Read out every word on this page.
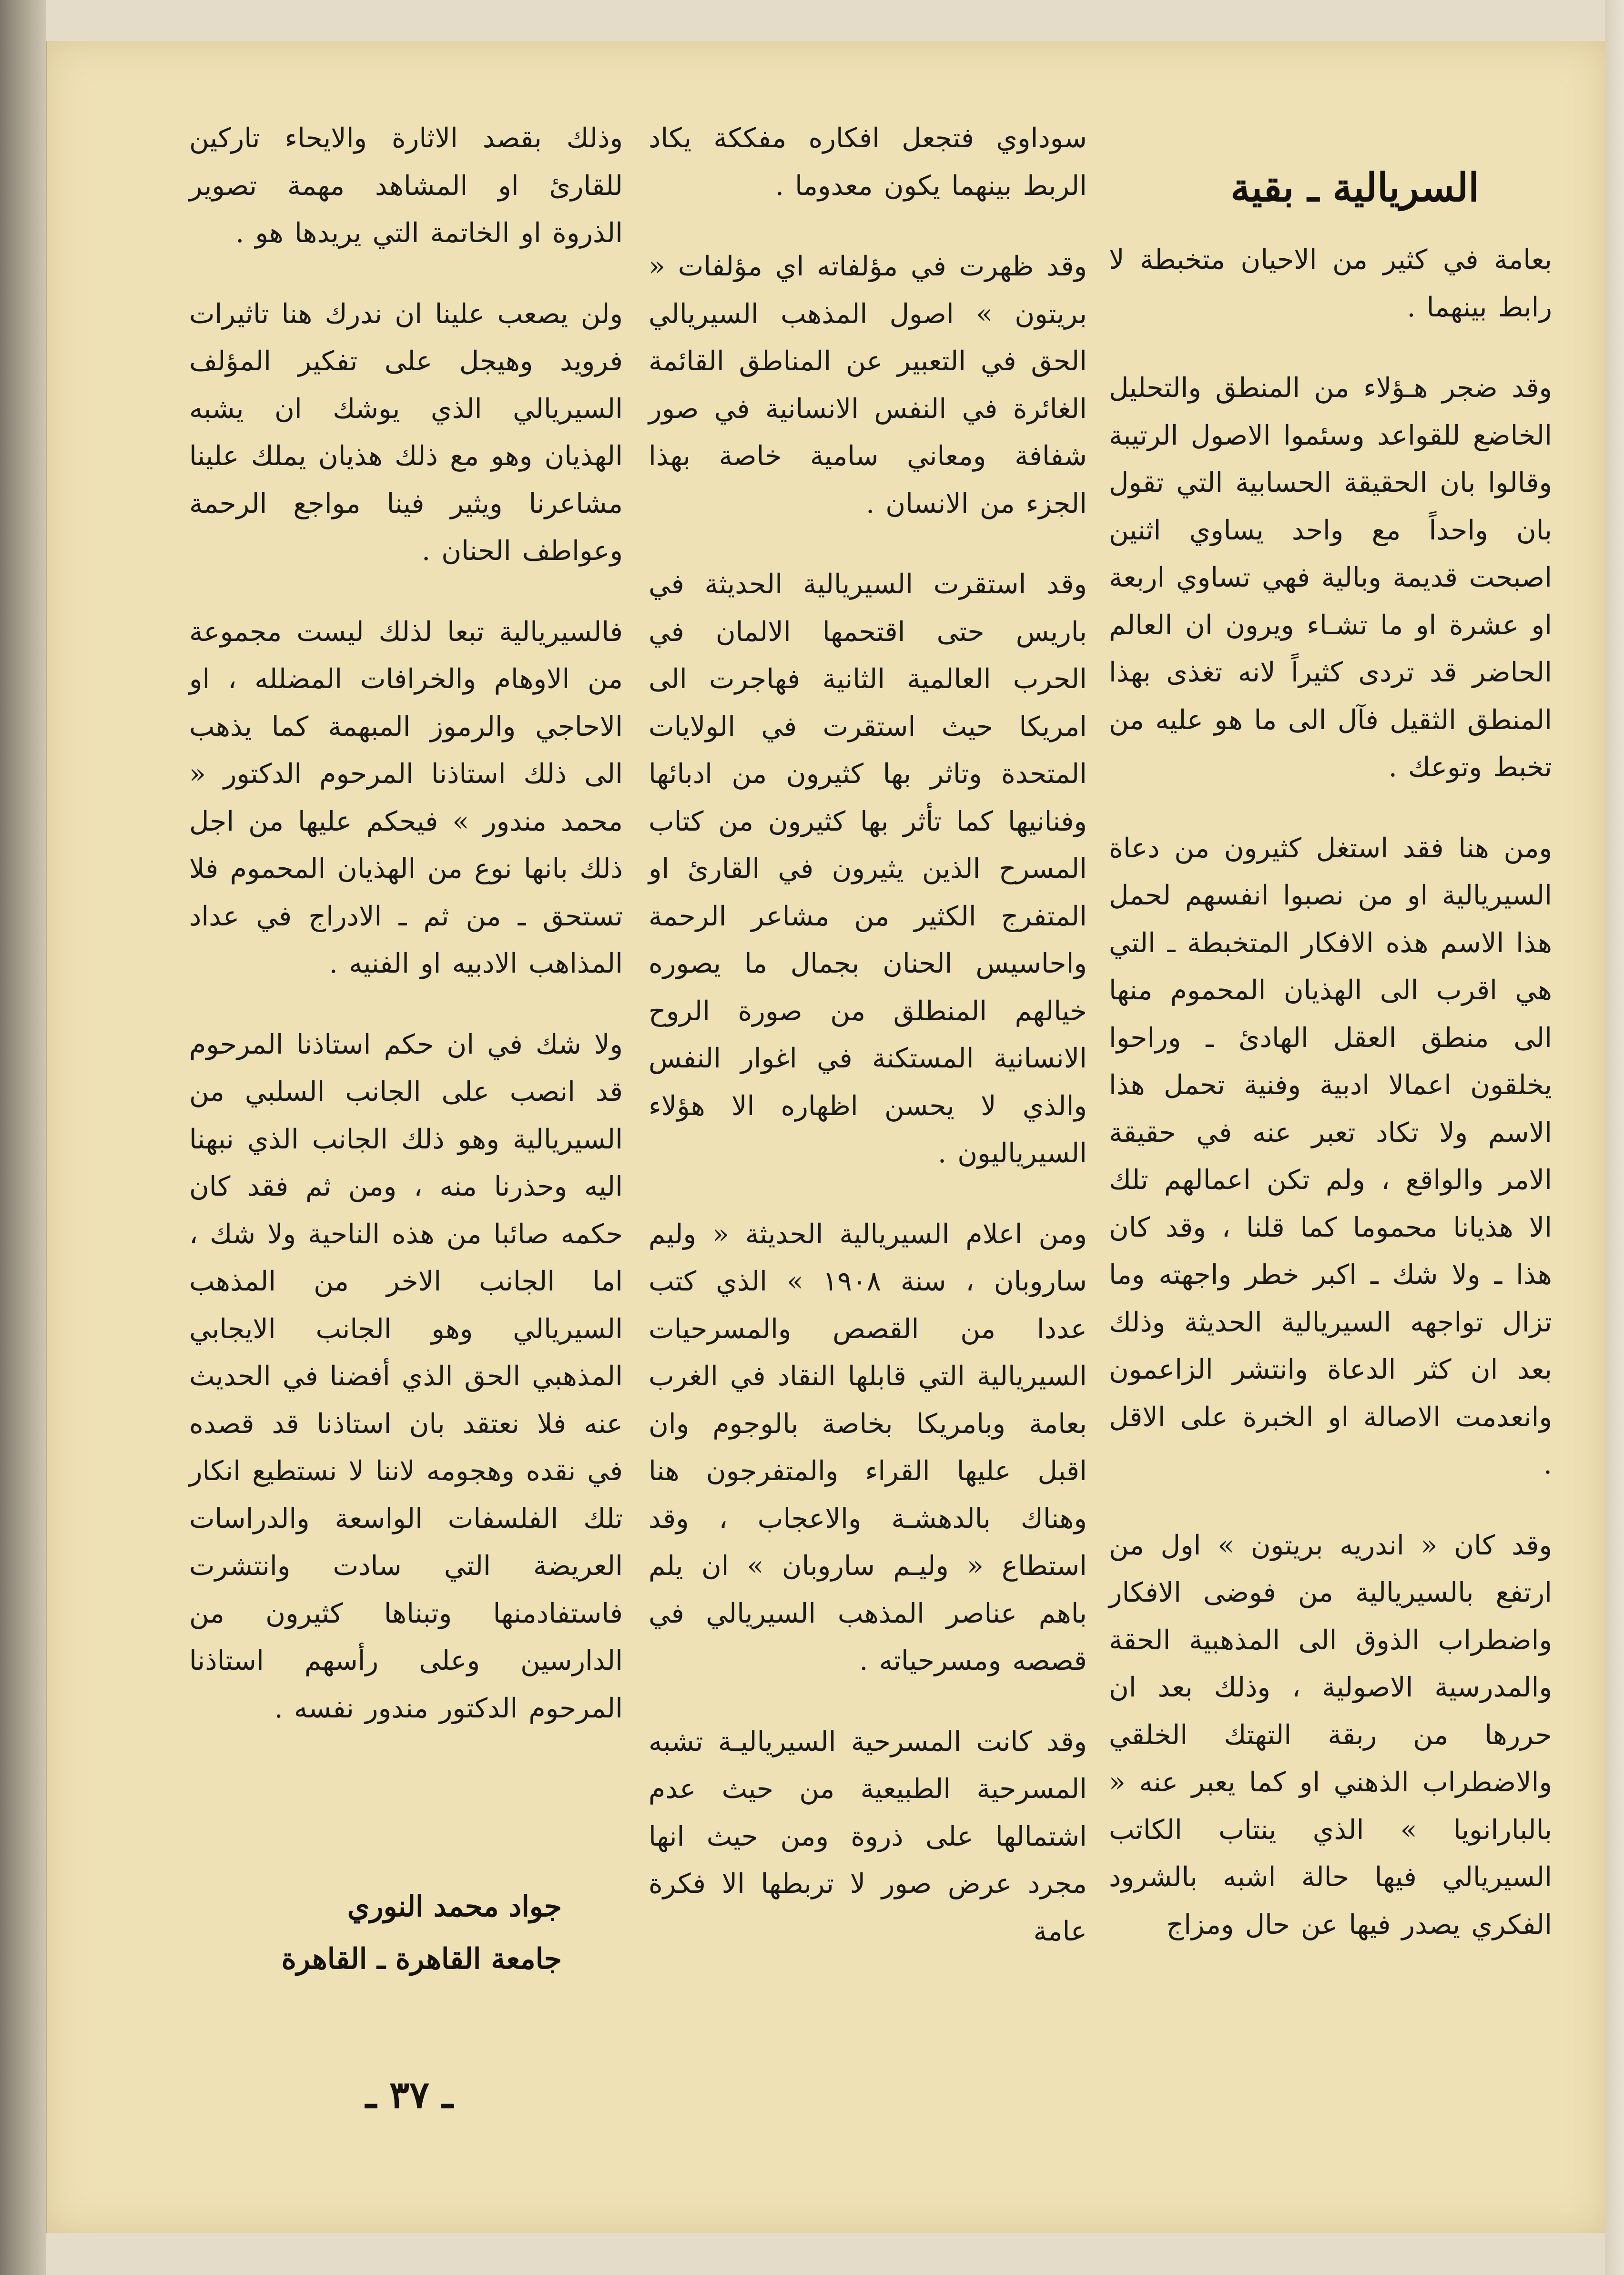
السريالية ـ بقية

بعامة في كثير من الاحيان متخبطة لا رابط بينهما .

وقد ضجر هـؤلاء من المنطق والتحليل الخاضع للقواعد وسئموا الاصول الرتيبة وقالوا بان الحقيقة الحسابية التي تقول بان واحداً مع واحد يساوي اثنين اصبحت قديمة وبالية فهي تساوي اربعة او عشرة او ما تشـاء ويرون ان العالم الحاضر قد تردى كثيراً لانه تغذى بهذا المنطق الثقيل فآل الى ما هو عليه من تخبط وتوعك .

ومن هنا فقد استغل كثيرون من دعاة السيريالية او من نصبوا انفسهم لحمل هذا الاسم هذه الافكار المتخبطة ـ التي هي اقرب الى الهذيان المحموم منها الى منطق العقل الهادئ ـ وراحوا يخلقون اعمالا ادبية وفنية تحمل هذا الاسم ولا تكاد تعبر عنه في حقيقة الامر والواقع ، ولم تكن اعمالهم تلك الا هذيانا محموما كما قلنا ، وقد كان هذا ـ ولا شك ـ اكبر خطر واجهته وما تزال تواجهه السيريالية الحديثة وذلك بعد ان كثر الدعاة وانتشر الزاعمون وانعدمت الاصالة او الخبرة على الاقل .

وقد كان « اندريه بريتون » اول من ارتفع بالسيريالية من فوضى الافكار واضطراب الذوق الى المذهبية الحقة والمدرسية الاصولية ، وذلك بعد ان حررها من ربقة التهتك الخلقي والاضطراب الذهني او كما يعبر عنه « بالبارانويا » الذي ينتاب الكاتب السيريالي فيها حالة اشبه بالشرود الفكري يصدر فيها عن حال ومزاج

سوداوي فتجعل افكاره مفككة يكاد الربط بينهما يكون معدوما .

وقد ظهرت في مؤلفاته اي مؤلفات « بريتون » اصول المذهب السيريالي الحق في التعبير عن المناطق القائمة الغائرة في النفس الانسانية في صور شفافة ومعاني سامية خاصة بهذا الجزء من الانسان .

وقد استقرت السيريالية الحديثة في باريس حتى اقتحمها الالمان في الحرب العالمية الثانية فهاجرت الى امريكا حيث استقرت في الولايات المتحدة وتاثر بها كثيرون من ادبائها وفنانيها كما تأثر بها كثيرون من كتاب المسرح الذين يثيرون في القارئ او المتفرج الكثير من مشاعر الرحمة واحاسيس الحنان بجمال ما يصوره خيالهم المنطلق من صورة الروح الانسانية المستكنة في اغوار النفس والذي لا يحسن اظهاره الا هؤلاء السيرياليون .

ومن اعلام السيريالية الحديثة « وليم ساروبان ، سنة ١٩٠٨ » الذي كتب عددا من القصص والمسرحيات السيريالية التي قابلها النقاد في الغرب بعامة وبامريكا بخاصة بالوجوم وان اقبل عليها القراء والمتفرجون هنا وهناك بالدهشـة والاعجاب ، وقد استطاع « وليـم ساروبان » ان يلم باهم عناصر المذهب السيريالي في قصصه ومسرحياته .

وقد كانت المسرحية السيرياليـة تشبه المسرحية الطبيعية من حيث عدم اشتمالها على ذروة ومن حيث انها مجرد عرض صور لا تربطها الا فكرة عامة

وذلك بقصد الاثارة والايحاء تاركين للقارئ او المشاهد مهمة تصوير الذروة او الخاتمة التي يريدها هو .

ولن يصعب علينا ان ندرك هنا تاثيرات فرويد وهيجل على تفكير المؤلف السيريالي الذي يوشك ان يشبه الهذيان وهو مع ذلك هذيان يملك علينا مشاعرنا ويثير فينا مواجع الرحمة وعواطف الحنان .

فالسيريالية تبعا لذلك ليست مجموعة من الاوهام والخرافات المضلله ، او الاحاجي والرموز المبهمة كما يذهب الى ذلك استاذنا المرحوم الدكتور « محمد مندور » فيحكم عليها من اجل ذلك بانها نوع من الهذيان المحموم فلا تستحق ـ من ثم ـ الادراج في عداد المذاهب الادبيه او الفنيه .

ولا شك في ان حكم استاذنا المرحوم قد انصب على الجانب السلبي من السيريالية وهو ذلك الجانب الذي نبهنا اليه وحذرنا منه ، ومن ثم فقد كان حكمه صائبا من هذه الناحية ولا شك ، اما الجانب الاخر من المذهب السيريالي وهو الجانب الايجابي المذهبي الحق الذي أفضنا في الحديث عنه فلا نعتقد بان استاذنا قد قصده في نقده وهجومه لاننا لا نستطيع انكار تلك الفلسفات الواسعة والدراسات العريضة التي سادت وانتشرت فاستفادمنها وتبناها كثيرون من الدارسين وعلى رأسهم استاذنا المرحوم الدكتور مندور نفسه .

جواد محمد النوري
جامعة القاهرة ـ القاهرة
ـ ٣٧ ـ
